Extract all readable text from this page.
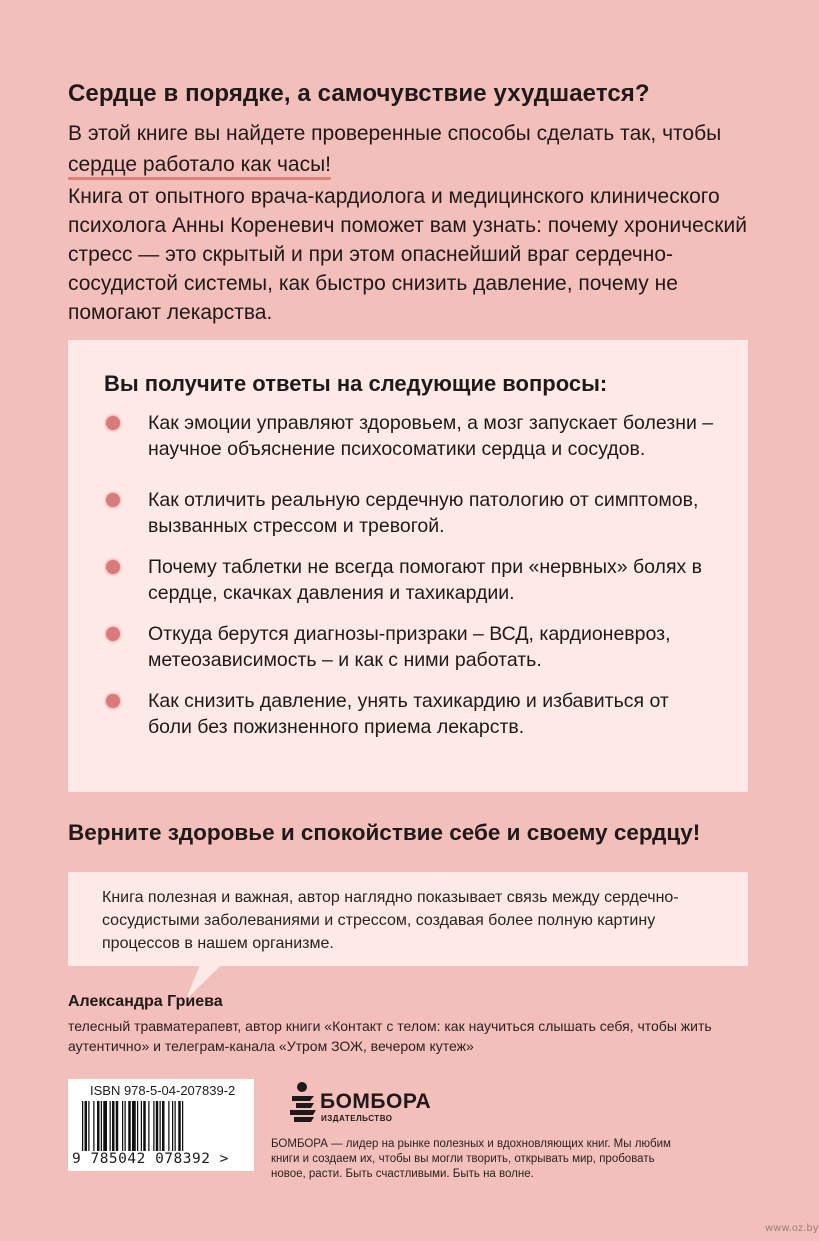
Сердце в порядке, а самочувствие ухудшается?
В этой книге вы найдете проверенные способы сделать так, чтобы сердце работало как часы!
Книга от опытного врача-кардиолога и медицинского клинического психолога Анны Кореневич поможет вам узнать: почему хронический стресс — это скрытый и при этом опаснейший враг сердечно-сосудистой системы, как быстро снизить давление, почему не помогают лекарства.
Вы получите ответы на следующие вопросы:
Как эмоции управляют здоровьем, а мозг запускает болезни – научное объяснение психосоматики сердца и сосудов.
Как отличить реальную сердечную патологию от симптомов, вызванных стрессом и тревогой.
Почему таблетки не всегда помогают при «нервных» болях в сердце, скачках давления и тахикардии.
Откуда берутся диагнозы-призраки – ВСД, кардионевроз, метеозависимость – и как с ними работать.
Как снизить давление, унять тахикардию и избавиться от боли без пожизненного приема лекарств.
Верните здоровье и спокойствие себе и своему сердцу!
Книга полезная и важная, автор наглядно показывает связь между сердечно-сосудистыми заболеваниями и стрессом, создавая более полную картину процессов в нашем организме.
Александра Гриева
телесный травматерапевт, автор книги «Контакт с телом: как научиться слышать себя, чтобы жить аутентично» и телеграм-канала «Утром ЗОЖ, вечером кутеж»
ISBN 978-5-04-207839-2
9 785042 078392 >
БОМБОРА
ИЗДАТЕЛЬСТВО
БОМБОРА — лидер на рынке полезных и вдохновляющих книг. Мы любим книги и создаем их, чтобы вы могли творить, открывать мир, пробовать новое, расти. Быть счастливыми. Быть на волне.
www.oz.by
